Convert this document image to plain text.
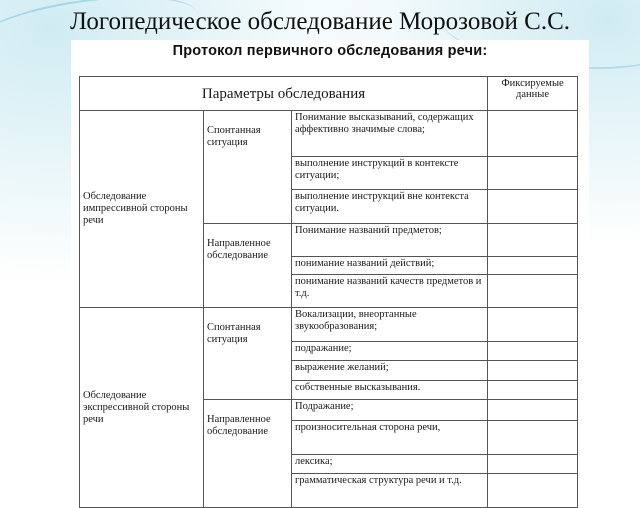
Логопедическое обследование Морозовой С.С.
Протокол первичного обследования речи:
Параметры обследования			Фиксируемые данные
Обследование импрессивной стороны речи	Спонтанная ситуация	Понимание высказываний, содержащих аффективно значимые слова;	
		выполнение инструкций в контексте ситуации;	
		выполнение инструкций вне контекста ситуации.	
	Направленное обследование	Понимание названий предметов;	
		понимание названий действий;	
		понимание названий качеств предметов и т.д.	
Обследование экспрессивной стороны речи	Спонтанная ситуация	Вокализации, внеортанные звукообразования;	
		подражание;	
		выражение желаний;	
		собственные высказывания.	
	Направленное обследование	Подражание;	
		произносительная сторона речи,	
		лексика;	
		грамматическая структура речи и т.д.	
